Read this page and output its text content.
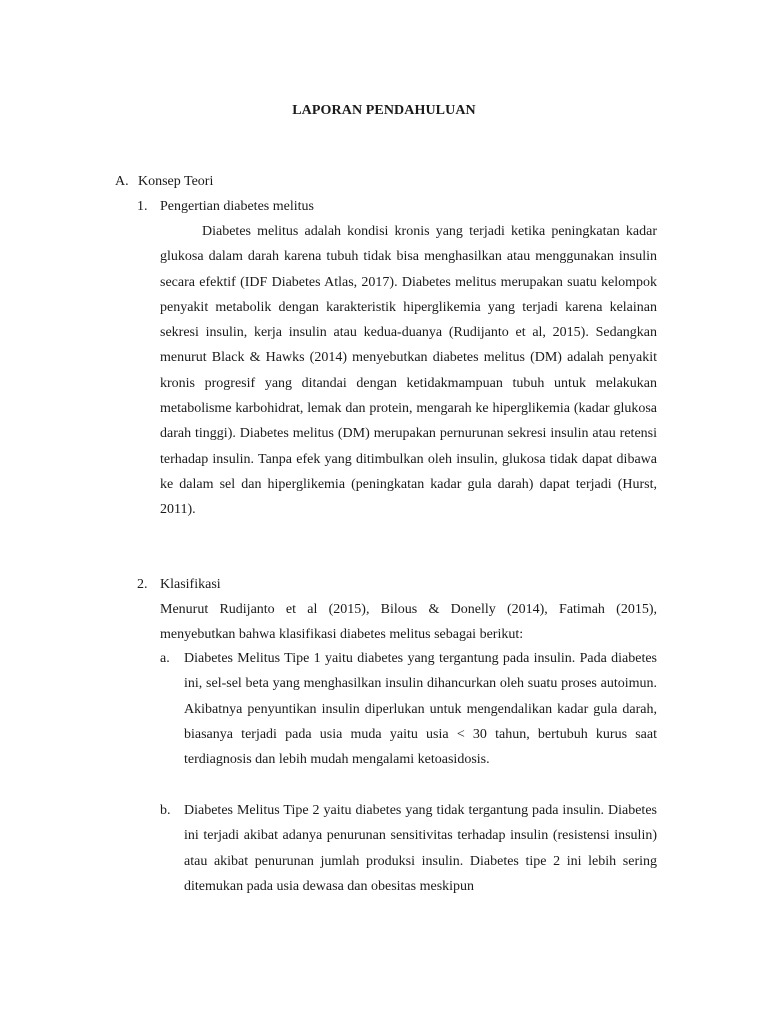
LAPORAN PENDAHULUAN
A. Konsep Teori
1. Pengertian diabetes melitus
Diabetes melitus adalah kondisi kronis yang terjadi ketika peningkatan kadar glukosa dalam darah karena tubuh tidak bisa menghasilkan atau menggunakan insulin secara efektif (IDF Diabetes Atlas, 2017). Diabetes melitus merupakan suatu kelompok penyakit metabolik dengan karakteristik hiperglikemia yang terjadi karena kelainan sekresi insulin, kerja insulin atau kedua-duanya (Rudijanto et al, 2015). Sedangkan menurut Black & Hawks (2014) menyebutkan diabetes melitus (DM) adalah penyakit kronis progresif yang ditandai dengan ketidakmampuan tubuh untuk melakukan metabolisme karbohidrat, lemak dan protein, mengarah ke hiperglikemia (kadar glukosa darah tinggi). Diabetes melitus (DM) merupakan pernurunan sekresi insulin atau retensi terhadap insulin. Tanpa efek yang ditimbulkan oleh insulin, glukosa tidak dapat dibawa ke dalam sel dan hiperglikemia (peningkatan kadar gula darah) dapat terjadi (Hurst, 2011).
2. Klasifikasi
Menurut Rudijanto et al (2015), Bilous & Donelly (2014), Fatimah (2015), menyebutkan bahwa klasifikasi diabetes melitus sebagai berikut:
a. Diabetes Melitus Tipe 1 yaitu diabetes yang tergantung pada insulin. Pada diabetes ini, sel-sel beta yang menghasilkan insulin dihancurkan oleh suatu proses autoimun. Akibatnya penyuntikan insulin diperlukan untuk mengendalikan kadar gula darah, biasanya terjadi pada usia muda yaitu usia < 30 tahun, bertubuh kurus saat terdiagnosis dan lebih mudah mengalami ketoasidosis.
b. Diabetes Melitus Tipe 2 yaitu diabetes yang tidak tergantung pada insulin. Diabetes ini terjadi akibat adanya penurunan sensitivitas terhadap insulin (resistensi insulin) atau akibat penurunan jumlah produksi insulin. Diabetes tipe 2 ini lebih sering ditemukan pada usia dewasa dan obesitas meskipun
